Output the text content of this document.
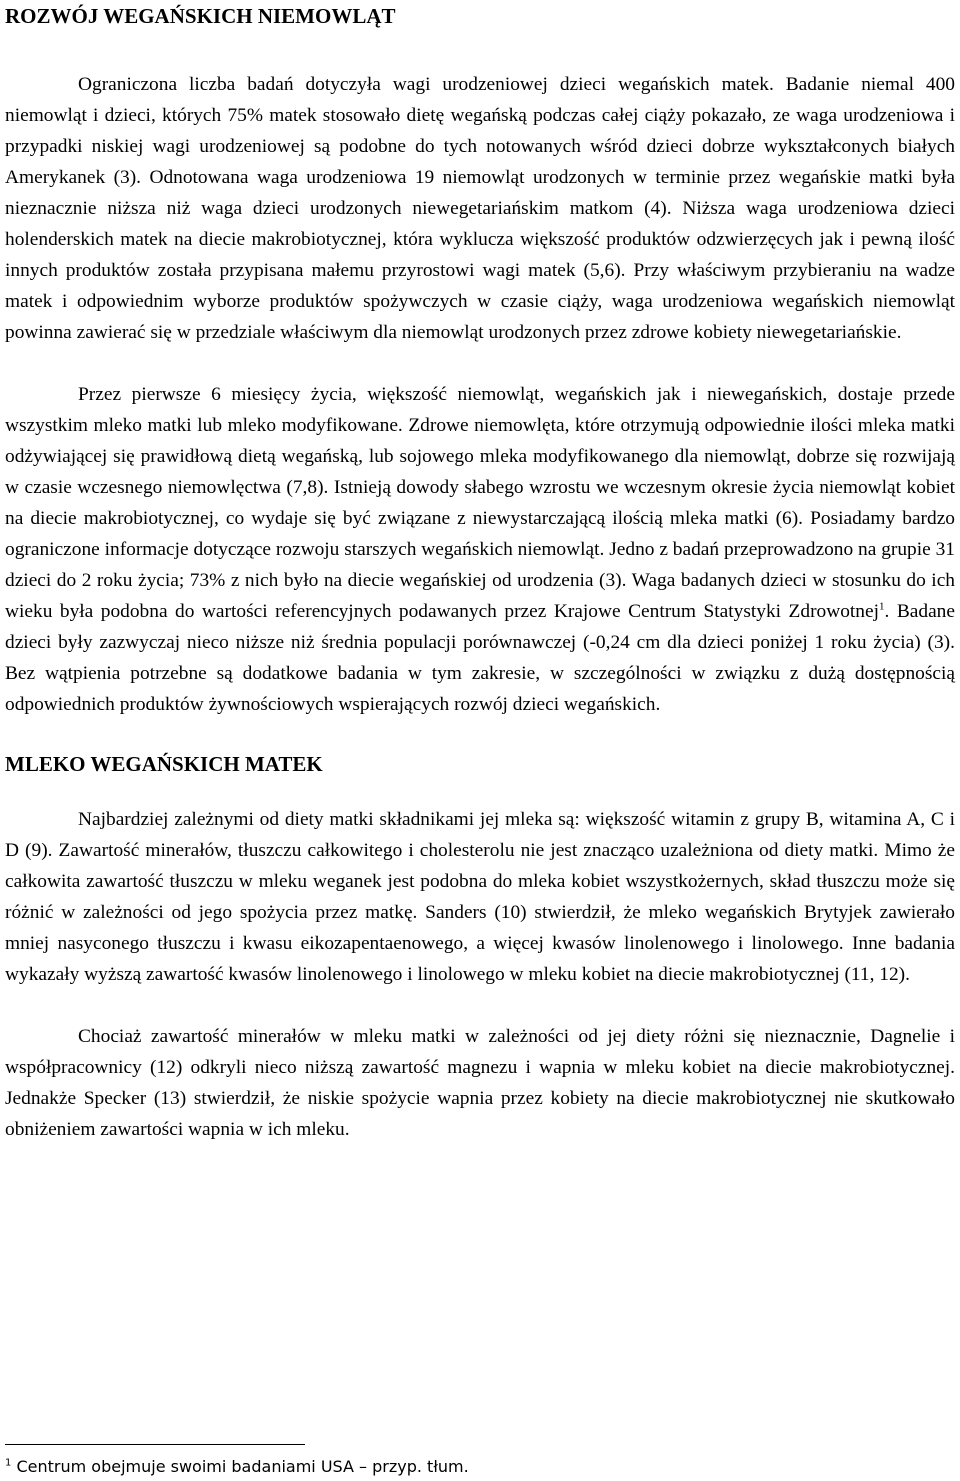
ROZWÓJ WEGAŃSKICH NIEMOWLĄT

Ograniczona liczba badań dotyczyła wagi urodzeniowej dzieci wegańskich matek. Badanie niemal 400 niemowląt i dzieci, których 75% matek stosowało dietę wegańską podczas całej ciąży pokazało, ze waga urodzeniowa i przypadki niskiej wagi urodzeniowej są podobne do tych notowanych wśród dzieci dobrze wykształconych białych Amerykanek (3). Odnotowana waga urodzeniowa 19 niemowląt urodzonych w terminie przez wegańskie matki była nieznacznie niższa niż waga dzieci urodzonych niewegetariańskim matkom (4). Niższa waga urodzeniowa dzieci holenderskich matek na diecie makrobiotycznej, która wyklucza większość produktów odzwierzęcych jak i pewną ilość innych produktów została przypisana małemu przyrostowi wagi matek (5,6). Przy właściwym przybieraniu na wadze matek i odpowiednim wyborze produktów spożywczych w czasie ciąży, waga urodzeniowa wegańskich niemowląt powinna zawierać się w przedziale właściwym dla niemowląt urodzonych przez zdrowe kobiety niewegetariańskie.

Przez pierwsze 6 miesięcy życia, większość niemowląt, wegańskich jak i niewegańskich, dostaje przede wszystkim mleko matki lub mleko modyfikowane. Zdrowe niemowlęta, które otrzymują odpowiednie ilości mleka matki odżywiającej się prawidłową dietą wegańską, lub sojowego mleka modyfikowanego dla niemowląt, dobrze się rozwijają w czasie wczesnego niemowlęctwa (7,8). Istnieją dowody słabego wzrostu we wczesnym okresie życia niemowląt kobiet na diecie makrobiotycznej, co wydaje się być związane z niewystarczającą ilością mleka matki (6). Posiadamy bardzo ograniczone informacje dotyczące rozwoju starszych wegańskich niemowląt. Jedno z badań przeprowadzono na grupie 31 dzieci do 2 roku życia; 73% z nich było na diecie wegańskiej od urodzenia (3). Waga badanych dzieci w stosunku do ich wieku była podobna do wartości referencyjnych podawanych przez Krajowe Centrum Statystyki Zdrowotnej$^1$. Badane dzieci były zazwyczaj nieco niższe niż średnia populacji porównawczej (-0,24 cm dla dzieci poniżej 1 roku życia) (3). Bez wątpienia potrzebne są dodatkowe badania w tym zakresie, w szczególności w związku z dużą dostępnością odpowiednich produktów żywnościowych wspierających rozwój dzieci wegańskich.

MLEKO WEGAŃSKICH MATEK

Najbardziej zależnymi od diety matki składnikami jej mleka są: większość witamin z grupy B, witamina A, C i D (9). Zawartość minerałów, tłuszczu całkowitego i cholesterolu nie jest znacząco uzależniona od diety matki. Mimo że całkowita zawartość tłuszczu w mleku weganek jest podobna do mleka kobiet wszystkożernych, skład tłuszczu może się różnić w zależności od jego spożycia przez matkę. Sanders (10) stwierdził, że mleko wegańskich Brytyjek zawierało mniej nasyconego tłuszczu i kwasu eikozapentaenowego, a więcej kwasów linolenowego i linolowego. Inne badania wykazały wyższą zawartość kwasów linolenowego i linolowego w mleku kobiet na diecie makrobiotycznej (11, 12).

Chociaż zawartość minerałów w mleku matki w zależności od jej diety różni się nieznacznie, Dagnelie i współpracownicy (12) odkryli nieco niższą zawartość magnezu i wapnia w mleku kobiet na diecie makrobiotycznej. Jednakże Specker (13) stwierdził, że niskie spożycie wapnia przez kobiety na diecie makrobiotycznej nie skutkowało obniżeniem zawartości wapnia w ich mleku.

$^1$ Centrum obejmuje swoimi badaniami USA – przyp. tłum.
